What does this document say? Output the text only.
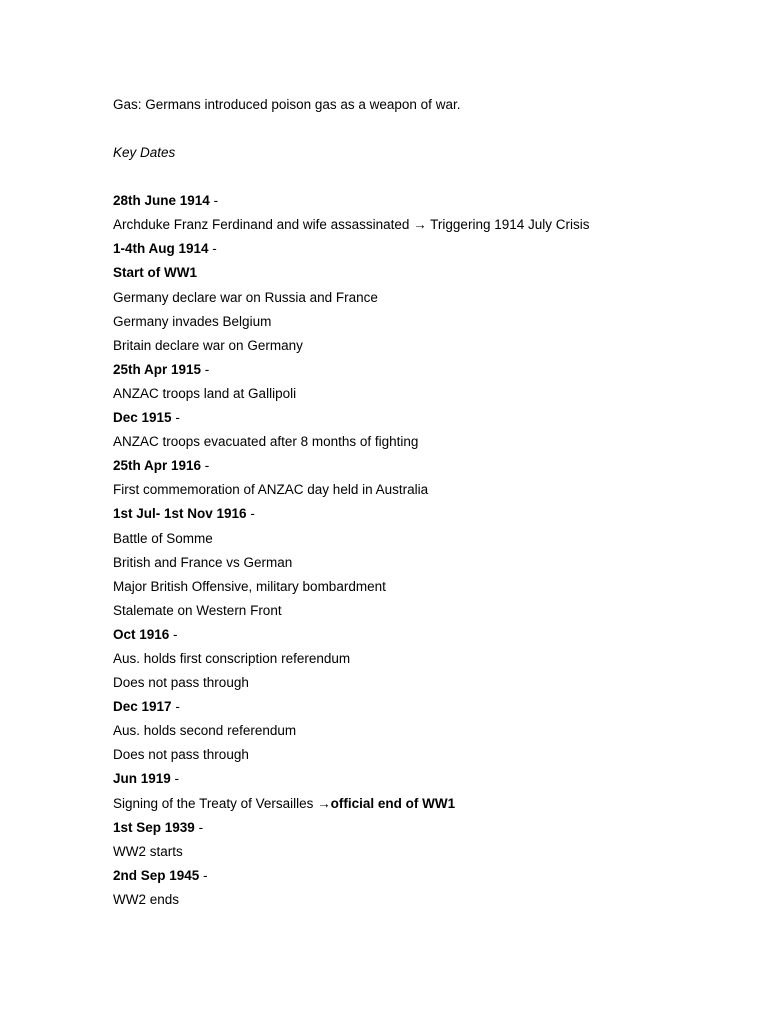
Gas: Germans introduced poison gas as a weapon of war.
Key Dates
28th June 1914 -
Archduke Franz Ferdinand and wife assassinated → Triggering 1914 July Crisis
1-4th Aug 1914 -
Start of WW1
Germany declare war on Russia and France
Germany invades Belgium
Britain declare war on Germany
25th Apr 1915 -
ANZAC troops land at Gallipoli
Dec 1915 -
ANZAC troops evacuated after 8 months of fighting
25th Apr 1916 -
First commemoration of ANZAC day held in Australia
1st Jul- 1st Nov 1916 -
Battle of Somme
British and France vs German
Major British Offensive, military bombardment
Stalemate on Western Front
Oct 1916 -
Aus. holds first conscription referendum
Does not pass through
Dec 1917 -
Aus. holds second referendum
Does not pass through
Jun 1919 -
Signing of the Treaty of Versailles →official end of WW1
1st Sep 1939 -
WW2 starts
2nd Sep 1945 -
WW2 ends
